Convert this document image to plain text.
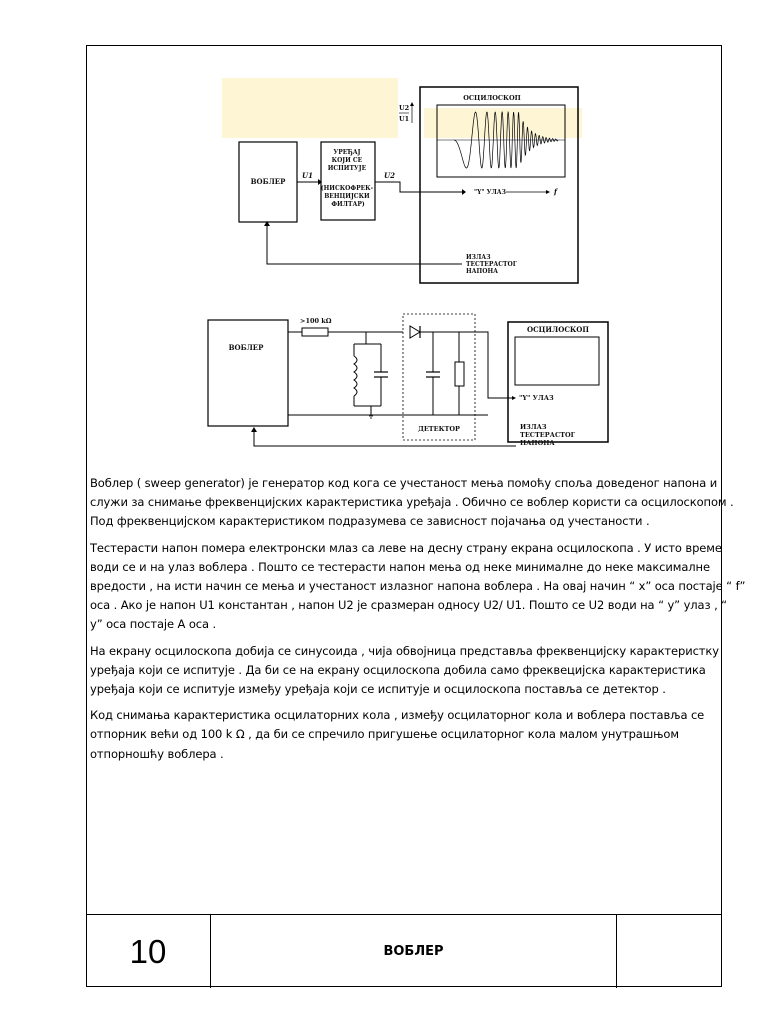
ВОБЛЕР
U1
УРЕЂАЈ КОЈИ СЕ ИСПИТУЈЕ (НИСКОФРЕК- ВЕНЦИЈСКИ ФИЛТАР)
U2
ОСЦИЛОСКОП
U2 U1
"Y" УЛАЗ	f
ИЗЛАЗ ТЕСТЕРАСТОГ НАПОНА
ВОБЛЕР
>100 kΩ
ДЕТЕКТОР
"Y" УЛАЗ
ОСЦИЛОСКОП
ИЗЛАЗ ТЕСТЕРАСТОГ НАПОНА

Воблер ( sweep generator) је генератор код кога се учестаност мења помоћу споља доведеног напона и
служи за снимање фреквенцијских карактеристика уређаја . Обично се воблер користи са осцилоскопом .
Под фреквенцијском карактеристиком подразумева се зависност појачања од учестаности .

Тестерасти напон помера електронски млаз са леве на десну страну екрана осцилоскопа . У исто време
води се и на улаз воблера . Пошто се тестерасти напон мења од неке минималне до неке максималне
вредости , на исти начин се мења и учестаност излазног напона воблера . На овај начин “ x” оса постаје “ f”
оса . Ако је напон U1 константан , напон U2 је сразмеран односу U2/ U1. Пошто се U2 води на “ y” улаз , “
y” оса постаје А оса .

На екрану осцилоскопа добија се синусоида , чија обвојница представља фреквенцијску карактеристку
уређаја који се испитује . Да би се на екрану осцилоскопа добила само фреквецијска карактеристика
уређаја који се испитује између уређаја који се испитује и осцилоскопа поставља се детектор .

Код снимања карактеристика осцилаторних кола , између осцилаторног кола и воблера поставља се
отпорник већи од 100 k Ω , да би се спречило пригушење осцилаторног кола малом унутрашњом
отпорношћу воблера .

10	ВОБЛЕР
